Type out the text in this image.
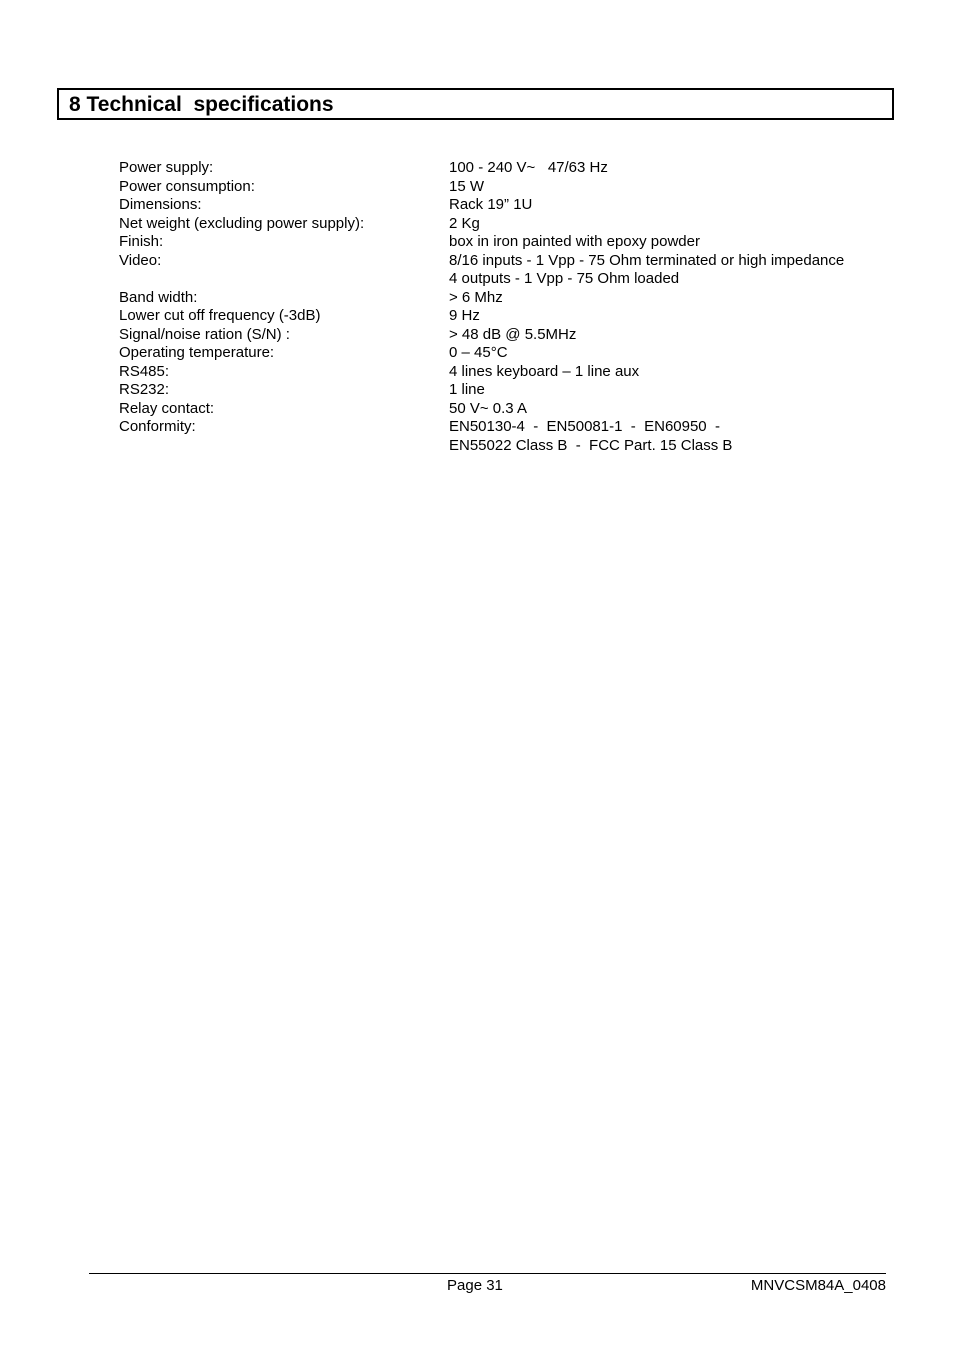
8 Technical  specifications
Power supply:	100 - 240 V~   47/63 Hz
Power consumption:	15 W
Dimensions:	Rack 19” 1U
Net weight (excluding power supply):	2 Kg
Finish:	box in iron painted with epoxy powder
Video:	8/16 inputs - 1 Vpp - 75 Ohm terminated or high impedance
4 outputs - 1 Vpp - 75 Ohm loaded
Band width:	> 6 Mhz
Lower cut off frequency (-3dB)	9 Hz
Signal/noise ration (S/N) :	> 48 dB @ 5.5MHz
Operating temperature:	0 – 45°C
RS485:	4 lines keyboard – 1 line aux
RS232:	1 line
Relay contact:	50 V~ 0.3 A
Conformity:	EN50130-4  -  EN50081-1  -  EN60950  -
EN55022 Class B  -  FCC Part. 15 Class B
Page 31	MNVCSM84A_0408
